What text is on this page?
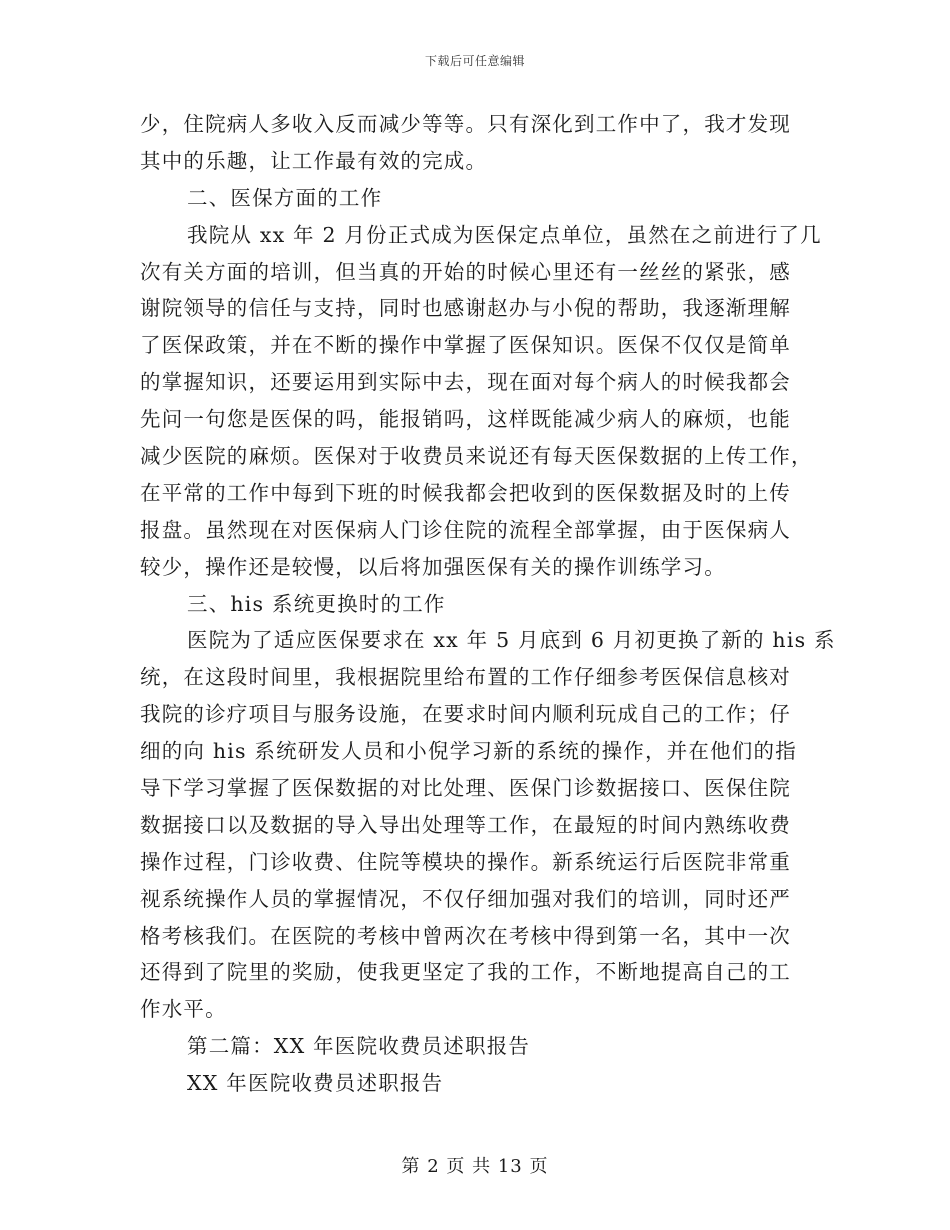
下载后可任意编辑
少，住院病人多收入反而减少等等。只有深化到工作中了，我才发现
其中的乐趣，让工作最有效的完成。
二、医保方面的工作
我院从 xx 年 2 月份正式成为医保定点单位，虽然在之前进行了几
次有关方面的培训，但当真的开始的时候心里还有一丝丝的紧张，感
谢院领导的信任与支持，同时也感谢赵办与小倪的帮助，我逐渐理解
了医保政策，并在不断的操作中掌握了医保知识。医保不仅仅是简单
的掌握知识，还要运用到实际中去，现在面对每个病人的时候我都会
先问一句您是医保的吗，能报销吗，这样既能减少病人的麻烦，也能
减少医院的麻烦。医保对于收费员来说还有每天医保数据的上传工作，
在平常的工作中每到下班的时候我都会把收到的医保数据及时的上传
报盘。虽然现在对医保病人门诊住院的流程全部掌握，由于医保病人
较少，操作还是较慢，以后将加强医保有关的操作训练学习。
三、his 系统更换时的工作
医院为了适应医保要求在 xx 年 5 月底到 6 月初更换了新的 his 系
统，在这段时间里，我根据院里给布置的工作仔细参考医保信息核对
我院的诊疗项目与服务设施，在要求时间内顺利玩成自己的工作；仔
细的向 his 系统研发人员和小倪学习新的系统的操作，并在他们的指
导下学习掌握了医保数据的对比处理、医保门诊数据接口、医保住院
数据接口以及数据的导入导出处理等工作，在最短的时间内熟练收费
操作过程，门诊收费、住院等模块的操作。新系统运行后医院非常重
视系统操作人员的掌握情况，不仅仔细加强对我们的培训，同时还严
格考核我们。在医院的考核中曾两次在考核中得到第一名，其中一次
还得到了院里的奖励，使我更坚定了我的工作，不断地提高自己的工
作水平。
第二篇：XX 年医院收费员述职报告
XX 年医院收费员述职报告
第 2 页 共 13 页
